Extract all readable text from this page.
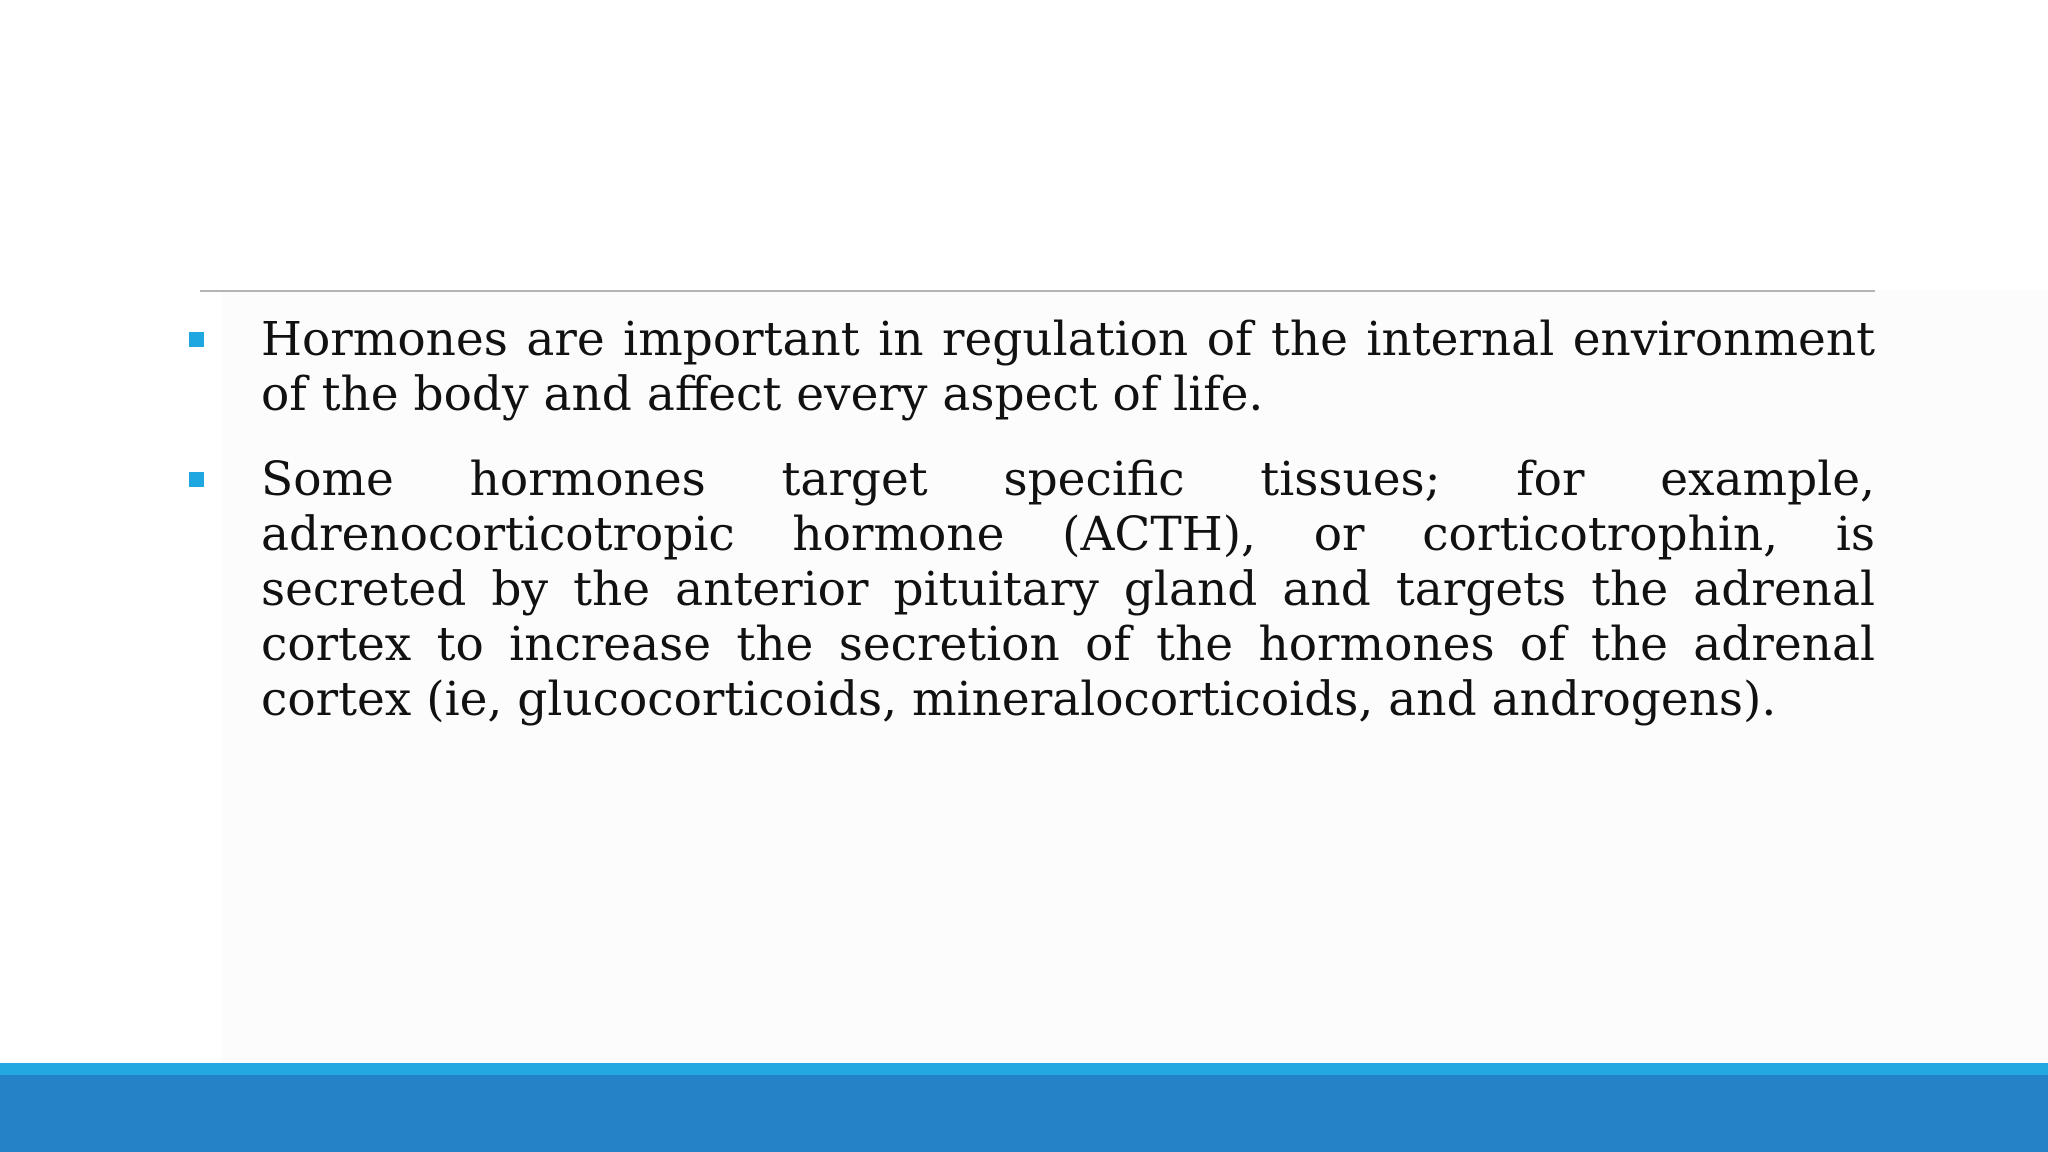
Hormones are important in regulation of the internal environment of the body and affect every aspect of life.
Some hormones target specific tissues; for example, adrenocorticotropic hormone (ACTH), or corticotrophin, is secreted by the anterior pituitary gland and targets the adrenal cortex to increase the secretion of the hormones of the adrenal cortex (ie, glucocorticoids, mineralocorticoids, and androgens).
